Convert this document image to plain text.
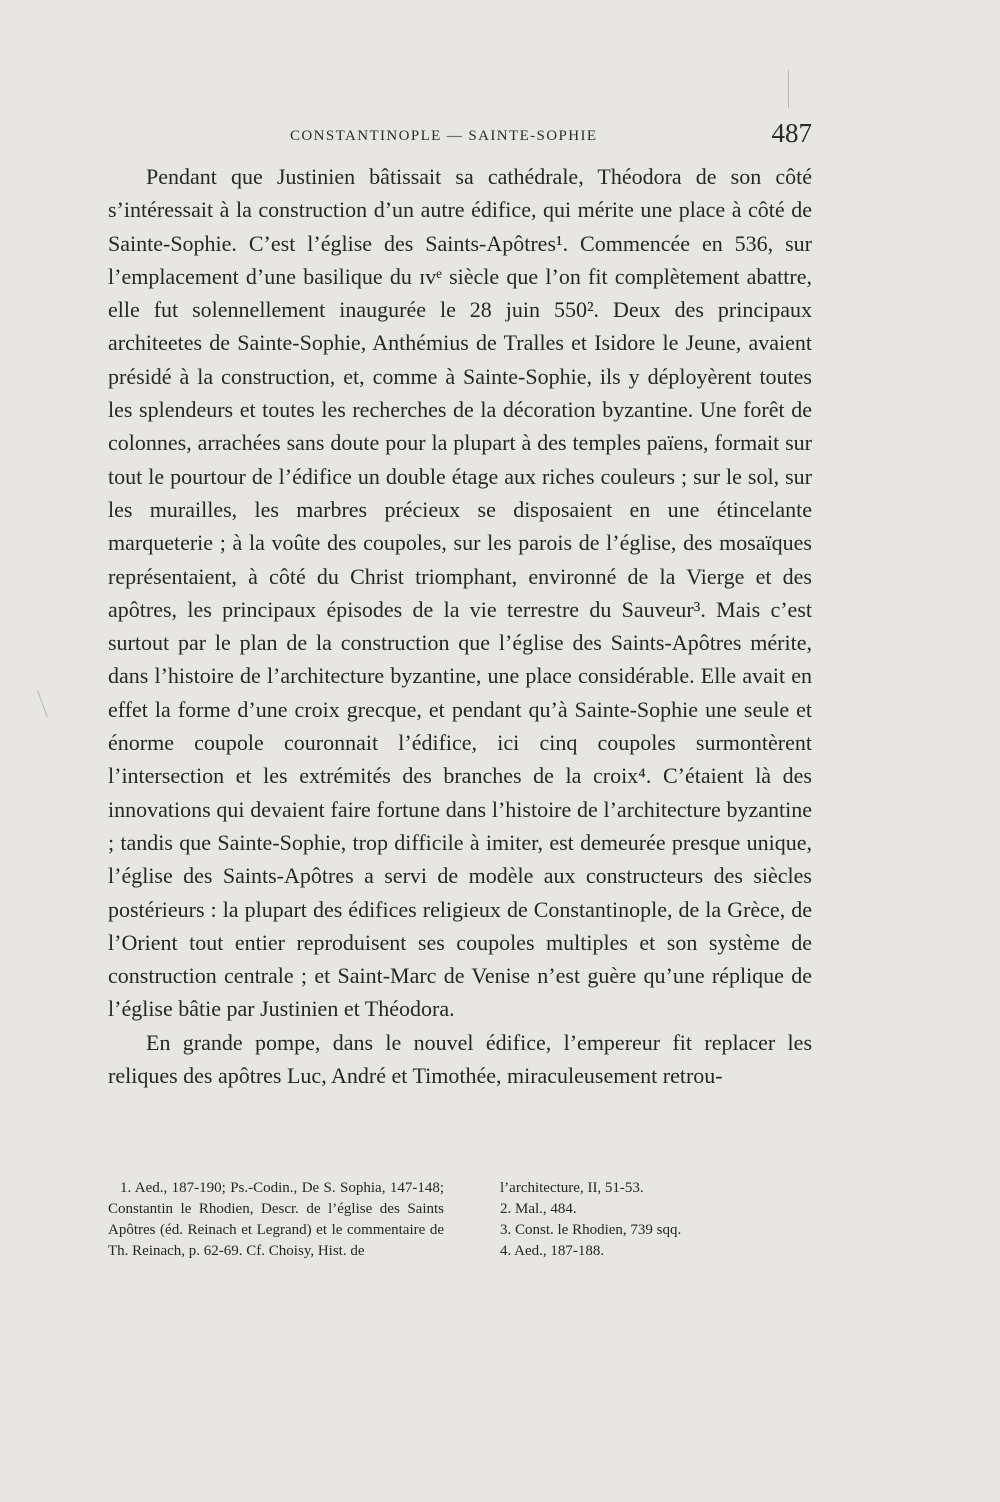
CONSTANTINOPLE — SAINTE-SOPHIE	487

Pendant que Justinien bâtissait sa cathédrale, Théodora de son côté s’intéressait à la construction d’un autre édifice, qui mérite une place à côté de Sainte-Sophie. C’est l’église des Saints-Apôtres¹. Commencée en 536, sur l’emplacement d’une basilique du ɪvᵉ siècle que l’on fit complètement abattre, elle fut solennellement inaugurée le 28 juin 550². Deux des principaux architeetes de Sainte-Sophie, Anthémius de Tralles et Isidore le Jeune, avaient présidé à la construction, et, comme à Sainte-Sophie, ils y déployèrent toutes les splendeurs et toutes les recherches de la décoration byzantine. Une forêt de colonnes, arrachées sans doute pour la plupart à des temples païens, formait sur tout le pourtour de l’édifice un double étage aux riches couleurs ; sur le sol, sur les murailles, les marbres précieux se disposaient en une étincelante marqueterie ; à la voûte des coupoles, sur les parois de l’église, des mosaïques représentaient, à côté du Christ triomphant, environné de la Vierge et des apôtres, les principaux épisodes de la vie terrestre du Sauveur³. Mais c’est surtout par le plan de la construction que l’église des Saints-Apôtres mérite, dans l’histoire de l’architecture byzantine, une place considérable. Elle avait en effet la forme d’une croix grecque, et pendant qu’à Sainte-Sophie une seule et énorme coupole couronnait l’édifice, ici cinq coupoles surmontèrent l’intersection et les extrémités des branches de la croix⁴. C’étaient là des innovations qui devaient faire fortune dans l’histoire de l’architecture byzantine ; tandis que Sainte-Sophie, trop difficile à imiter, est demeurée presque unique, l’église des Saints-Apôtres a servi de modèle aux constructeurs des siècles postérieurs : la plupart des édifices religieux de Constantinople, de la Grèce, de l’Orient tout entier reproduisent ses coupoles multiples et son système de construction centrale ; et Saint-Marc de Venise n’est guère qu’une réplique de l’église bâtie par Justinien et Théodora.

En grande pompe, dans le nouvel édifice, l’empereur fit replacer les reliques des apôtres Luc, André et Timothée, miraculeusement retrou-

1. Aed., 187-190; Ps.-Codin., De S. Sophia, 147-148; Constantin le Rhodien, Descr. de l’église des Saints Apôtres (éd. Reinach et Legrand) et le commentaire de Th. Reinach, p. 62-69. Cf. Choisy, Hist. de
l’architecture, II, 51-53.
2. Mal., 484.
3. Const. le Rhodien, 739 sqq.
4. Aed., 187-188.
